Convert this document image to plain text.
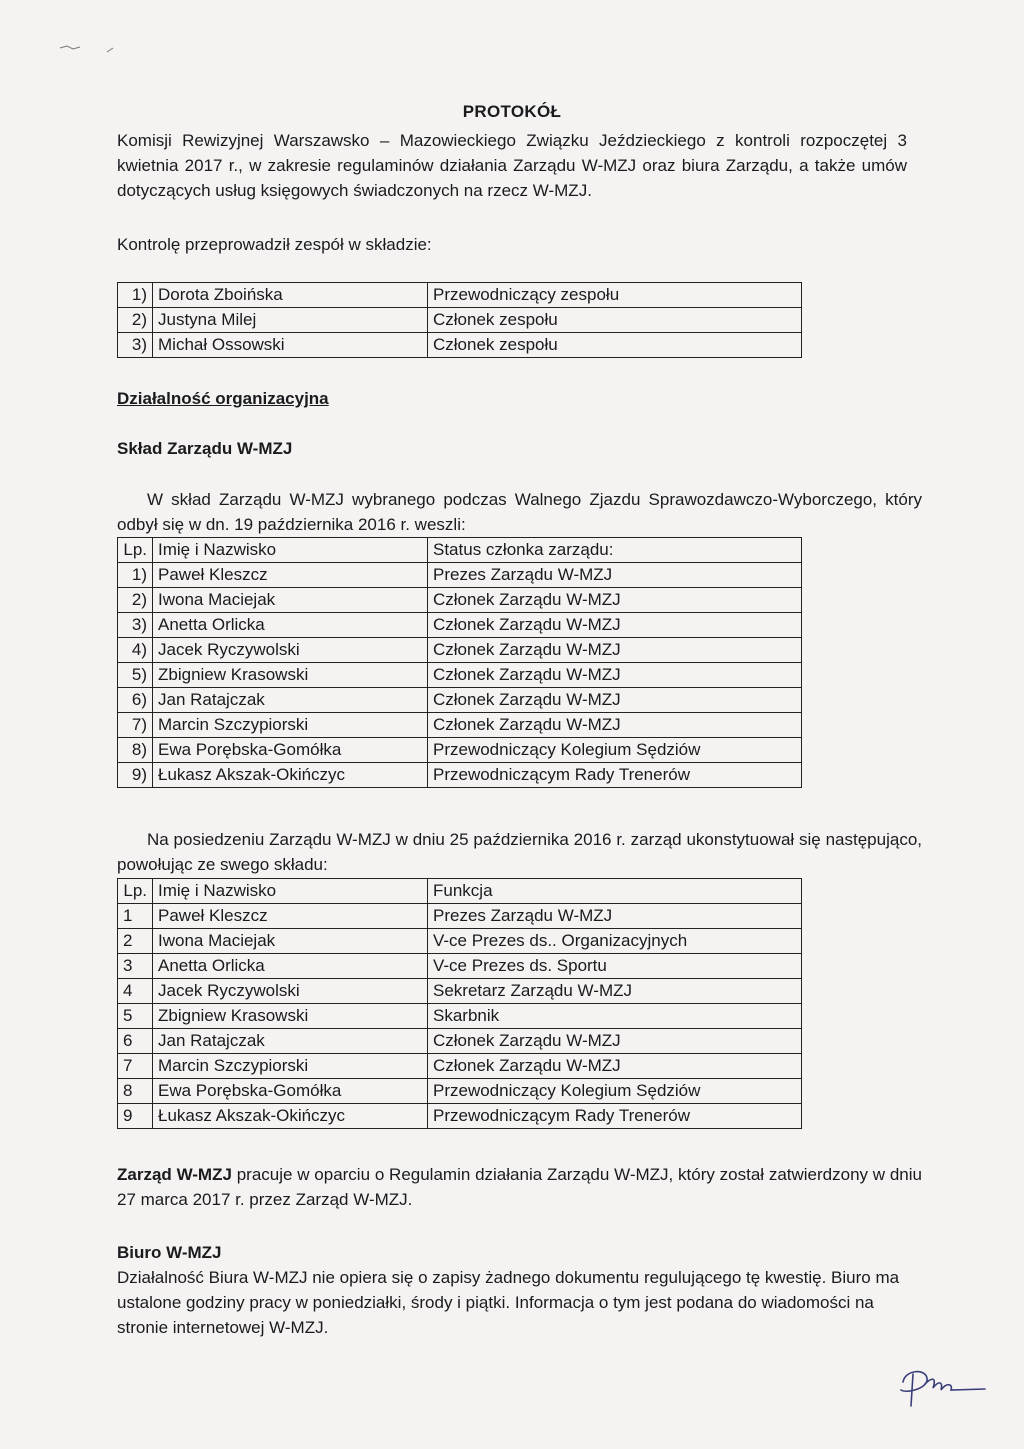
PROTOKÓŁ
Komisji Rewizyjnej Warszawsko – Mazowieckiego Związku Jeździeckiego z kontroli rozpoczętej 3 kwietnia 2017 r., w zakresie regulaminów działania Zarządu W-MZJ oraz biura Zarządu, a także umów dotyczących usług księgowych świadczonych na rzecz W-MZJ.
Kontrolę przeprowadził zespół w składzie:
1)	Dorota Zboińska	Przewodniczący zespołu
2)	Justyna Milej	Członek zespołu
3)	Michał Ossowski	Członek zespołu
Działalność organizacyjna
Skład Zarządu W-MZJ
W skład Zarządu W-MZJ wybranego podczas Walnego Zjazdu Sprawozdawczo-Wyborczego, który odbył się w dn. 19 października 2016 r. weszli:
Lp.	Imię i Nazwisko	Status członka zarządu:
1)	Paweł Kleszcz	Prezes Zarządu W-MZJ
2)	Iwona Maciejak	Członek Zarządu W-MZJ
3)	Anetta Orlicka	Członek Zarządu W-MZJ
4)	Jacek Ryczywolski	Członek Zarządu W-MZJ
5)	Zbigniew Krasowski	Członek Zarządu W-MZJ
6)	Jan Ratajczak	Członek Zarządu W-MZJ
7)	Marcin Szczypiorski	Członek Zarządu W-MZJ
8)	Ewa Porębska-Gomółka	Przewodniczący Kolegium Sędziów
9)	Łukasz Akszak-Okińczyc	Przewodniczącym Rady Trenerów
Na posiedzeniu Zarządu W-MZJ w dniu 25 października 2016 r. zarząd ukonstytuował się następująco, powołując ze swego składu:
Lp.	Imię i Nazwisko	Funkcja
1	Paweł Kleszcz	Prezes Zarządu W-MZJ
2	Iwona Maciejak	V-ce Prezes ds.. Organizacyjnych
3	Anetta Orlicka	V-ce Prezes ds. Sportu
4	Jacek Ryczywolski	Sekretarz Zarządu W-MZJ
5	Zbigniew Krasowski	Skarbnik
6	Jan Ratajczak	Członek Zarządu W-MZJ
7	Marcin Szczypiorski	Członek Zarządu W-MZJ
8	Ewa Porębska-Gomółka	Przewodniczący Kolegium Sędziów
9	Łukasz Akszak-Okińczyc	Przewodniczącym Rady Trenerów
Zarząd W-MZJ pracuje w oparciu o Regulamin działania Zarządu W-MZJ, który został zatwierdzony w dniu 27 marca 2017 r. przez Zarząd W-MZJ.
Biuro W-MZJ
Działalność Biura W-MZJ nie opiera się o zapisy żadnego dokumentu regulującego tę kwestię. Biuro ma ustalone godziny pracy w poniedziałki, środy i piątki. Informacja o tym jest podana do wiadomości na stronie internetowej W-MZJ.
